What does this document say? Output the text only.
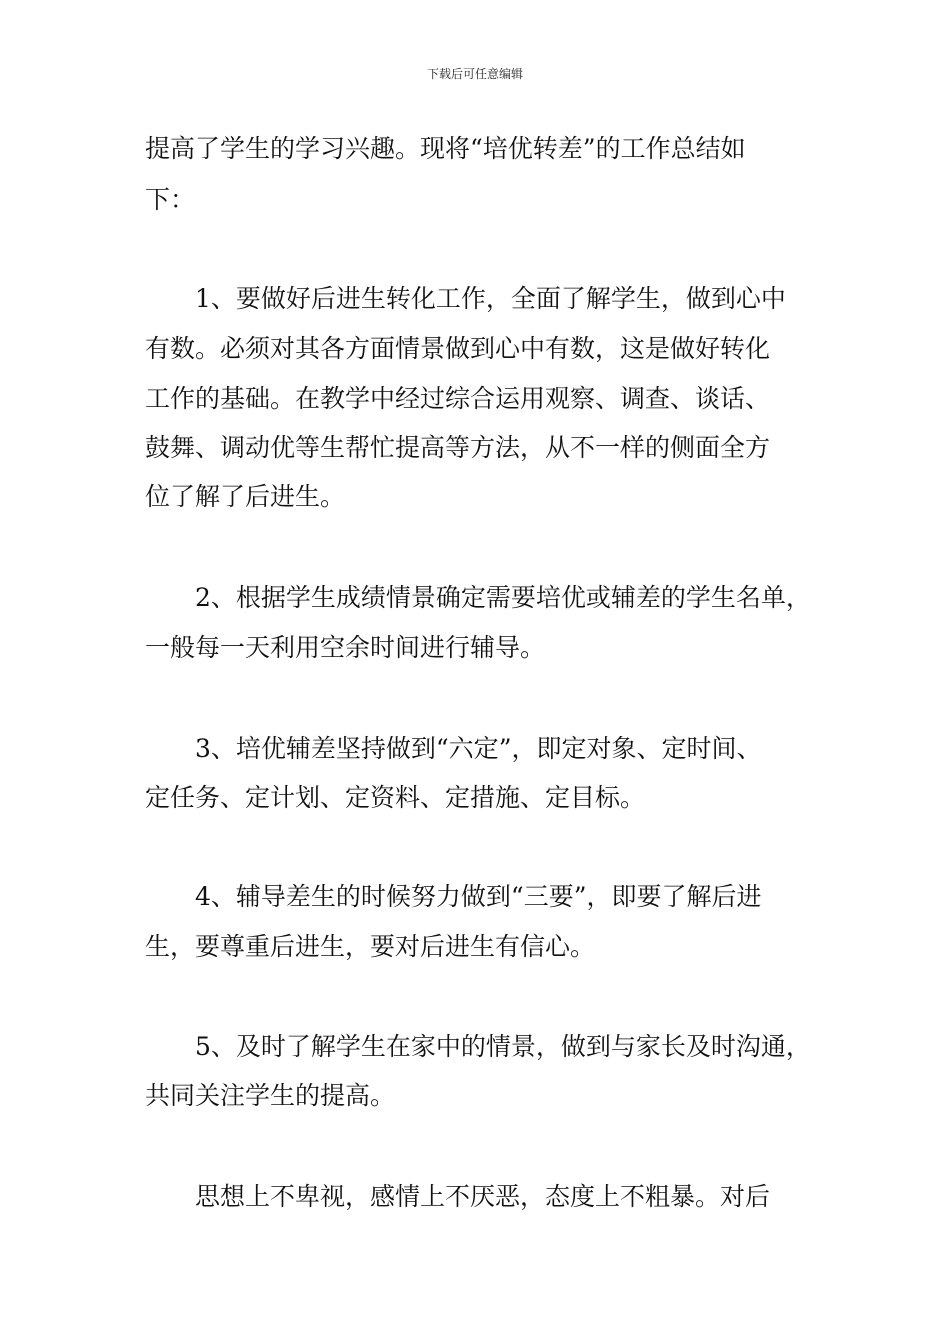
下载后可任意编辑
提高了学生的学习兴趣。现将“培优转差”的工作总结如
下：
1、要做好后进生转化工作，全面了解学生，做到心中
有数。必须对其各方面情景做到心中有数，这是做好转化
工作的基础。在教学中经过综合运用观察、调查、谈话、
鼓舞、调动优等生帮忙提高等方法，从不一样的侧面全方
位了解了后进生。
2、根据学生成绩情景确定需要培优或辅差的学生名单，
一般每一天利用空余时间进行辅导。
3、培优辅差坚持做到“六定”，即定对象、定时间、
定任务、定计划、定资料、定措施、定目标。
4、辅导差生的时候努力做到“三要”，即要了解后进
生，要尊重后进生，要对后进生有信心。
5、及时了解学生在家中的情景，做到与家长及时沟通，
共同关注学生的提高。
思想上不卑视，感情上不厌恶，态度上不粗暴。对后
